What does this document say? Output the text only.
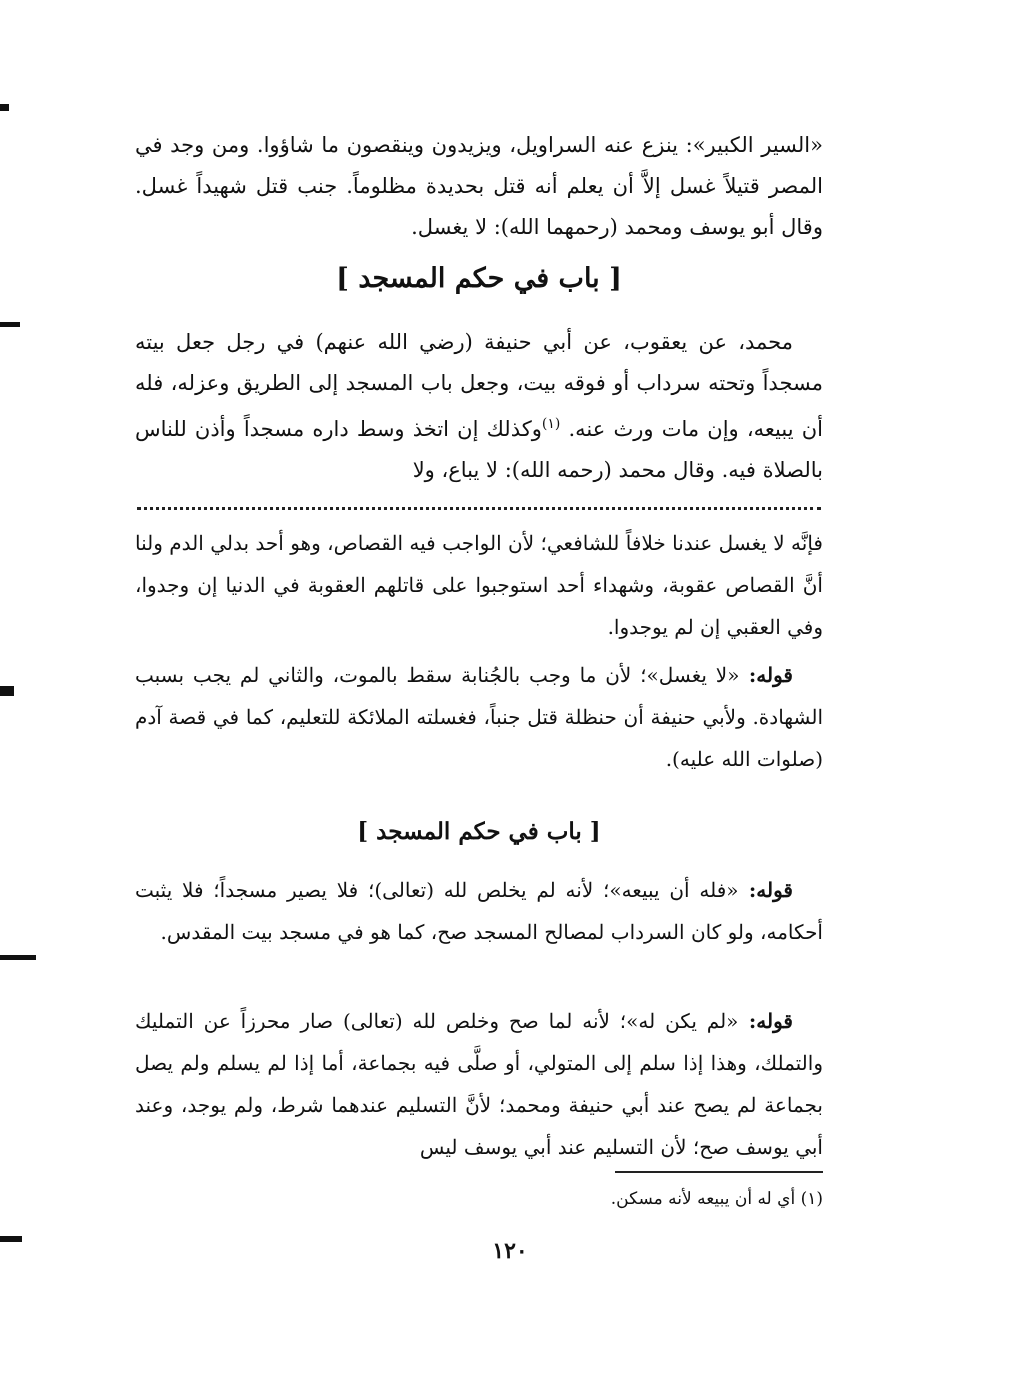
«السير الكبير»: ينزع عنه السراويل، ويزيدون وينقصون ما شاؤوا. ومن وجد في المصر قتيلاً غسل إلاَّ أن يعلم أنه قتل بحديدة مظلوماً. جنب قتل شهيداً غسل. وقال أبو يوسف ومحمد (رحمهما الله): لا يغسل.

[ باب في حكم المسجد ]

محمد، عن يعقوب، عن أبي حنيفة (رضي الله عنهم) في رجل جعل بيته مسجداً وتحته سرداب أو فوقه بيت، وجعل باب المسجد إلى الطريق وعزله، فله أن يبيعه، وإن مات ورث عنه. $^{(١)}$وكذلك إن اتخذ وسط داره مسجداً وأذن للناس بالصلاة فيه. وقال محمد (رحمه الله): لا يباع، ولا

فإنَّه لا يغسل عندنا خلافاً للشافعي؛ لأن الواجب فيه القصاص، وهو أحد بدلي الدم ولنا أنَّ القصاص عقوبة، وشهداء أحد استوجبوا على قاتلهم العقوبة في الدنيا إن وجدوا، وفي العقبي إن لم يوجدوا.

قوله: «لا يغسل»؛ لأن ما وجب بالجُنابة سقط بالموت، والثاني لم يجب بسبب الشهادة. ولأبي حنيفة أن حنظلة قتل جنباً، فغسلته الملائكة للتعليم، كما في قصة آدم (صلوات الله عليه).

[ باب في حكم المسجد ]

قوله: «فله أن يبيعه»؛ لأنه لم يخلص لله (تعالى)؛ فلا يصير مسجداً؛ فلا يثبت أحكامه، ولو كان السرداب لمصالح المسجد صح، كما هو في مسجد بيت المقدس.

قوله: «لم يكن له»؛ لأنه لما صح وخلص لله (تعالى) صار محرزاً عن التمليك والتملك، وهذا إذا سلم إلى المتولي، أو صلَّى فيه بجماعة، أما إذا لم يسلم ولم يصل بجماعة لم يصح عند أبي حنيفة ومحمد؛ لأنَّ التسليم عندهما شرط، ولم يوجد، وعند أبي يوسف صح؛ لأن التسليم عند أبي يوسف ليس

(١) أي له أن يبيعه لأنه مسكن.
١٢٠
